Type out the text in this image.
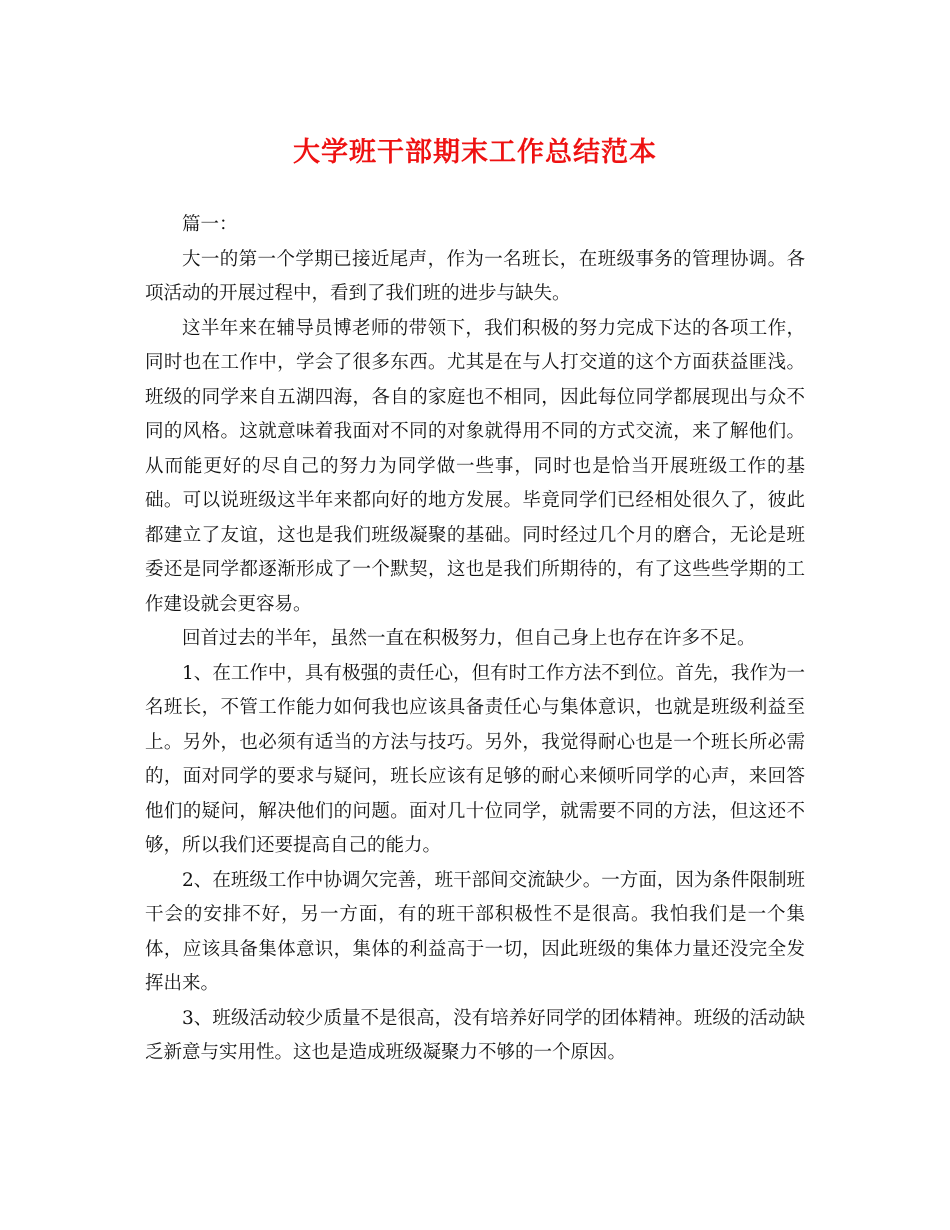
大学班干部期末工作总结范本

篇一：

大一的第一个学期已接近尾声，作为一名班长，在班级事务的管理协调。各项活动的开展过程中，看到了我们班的进步与缺失。

这半年来在辅导员博老师的带领下，我们积极的努力完成下达的各项工作，同时也在工作中，学会了很多东西。尤其是在与人打交道的这个方面获益匪浅。班级的同学来自五湖四海，各自的家庭也不相同，因此每位同学都展现出与众不同的风格。这就意味着我面对不同的对象就得用不同的方式交流，来了解他们。从而能更好的尽自己的努力为同学做一些事，同时也是恰当开展班级工作的基础。可以说班级这半年来都向好的地方发展。毕竟同学们已经相处很久了，彼此都建立了友谊，这也是我们班级凝聚的基础。同时经过几个月的磨合，无论是班委还是同学都逐渐形成了一个默契，这也是我们所期待的，有了这些些学期的工作建设就会更容易。

回首过去的半年，虽然一直在积极努力，但自己身上也存在许多不足。

1、在工作中，具有极强的责任心，但有时工作方法不到位。首先，我作为一名班长，不管工作能力如何我也应该具备责任心与集体意识，也就是班级利益至上。另外，也必须有适当的方法与技巧。另外，我觉得耐心也是一个班长所必需的，面对同学的要求与疑问，班长应该有足够的耐心来倾听同学的心声，来回答他们的疑问，解决他们的问题。面对几十位同学，就需要不同的方法，但这还不够，所以我们还要提高自己的能力。

2、在班级工作中协调欠完善，班干部间交流缺少。一方面，因为条件限制班干会的安排不好，另一方面，有的班干部积极性不是很高。我怕我们是一个集体，应该具备集体意识，集体的利益高于一切，因此班级的集体力量还没完全发挥出来。

3、班级活动较少质量不是很高，没有培养好同学的团体精神。班级的活动缺乏新意与实用性。这也是造成班级凝聚力不够的一个原因。
